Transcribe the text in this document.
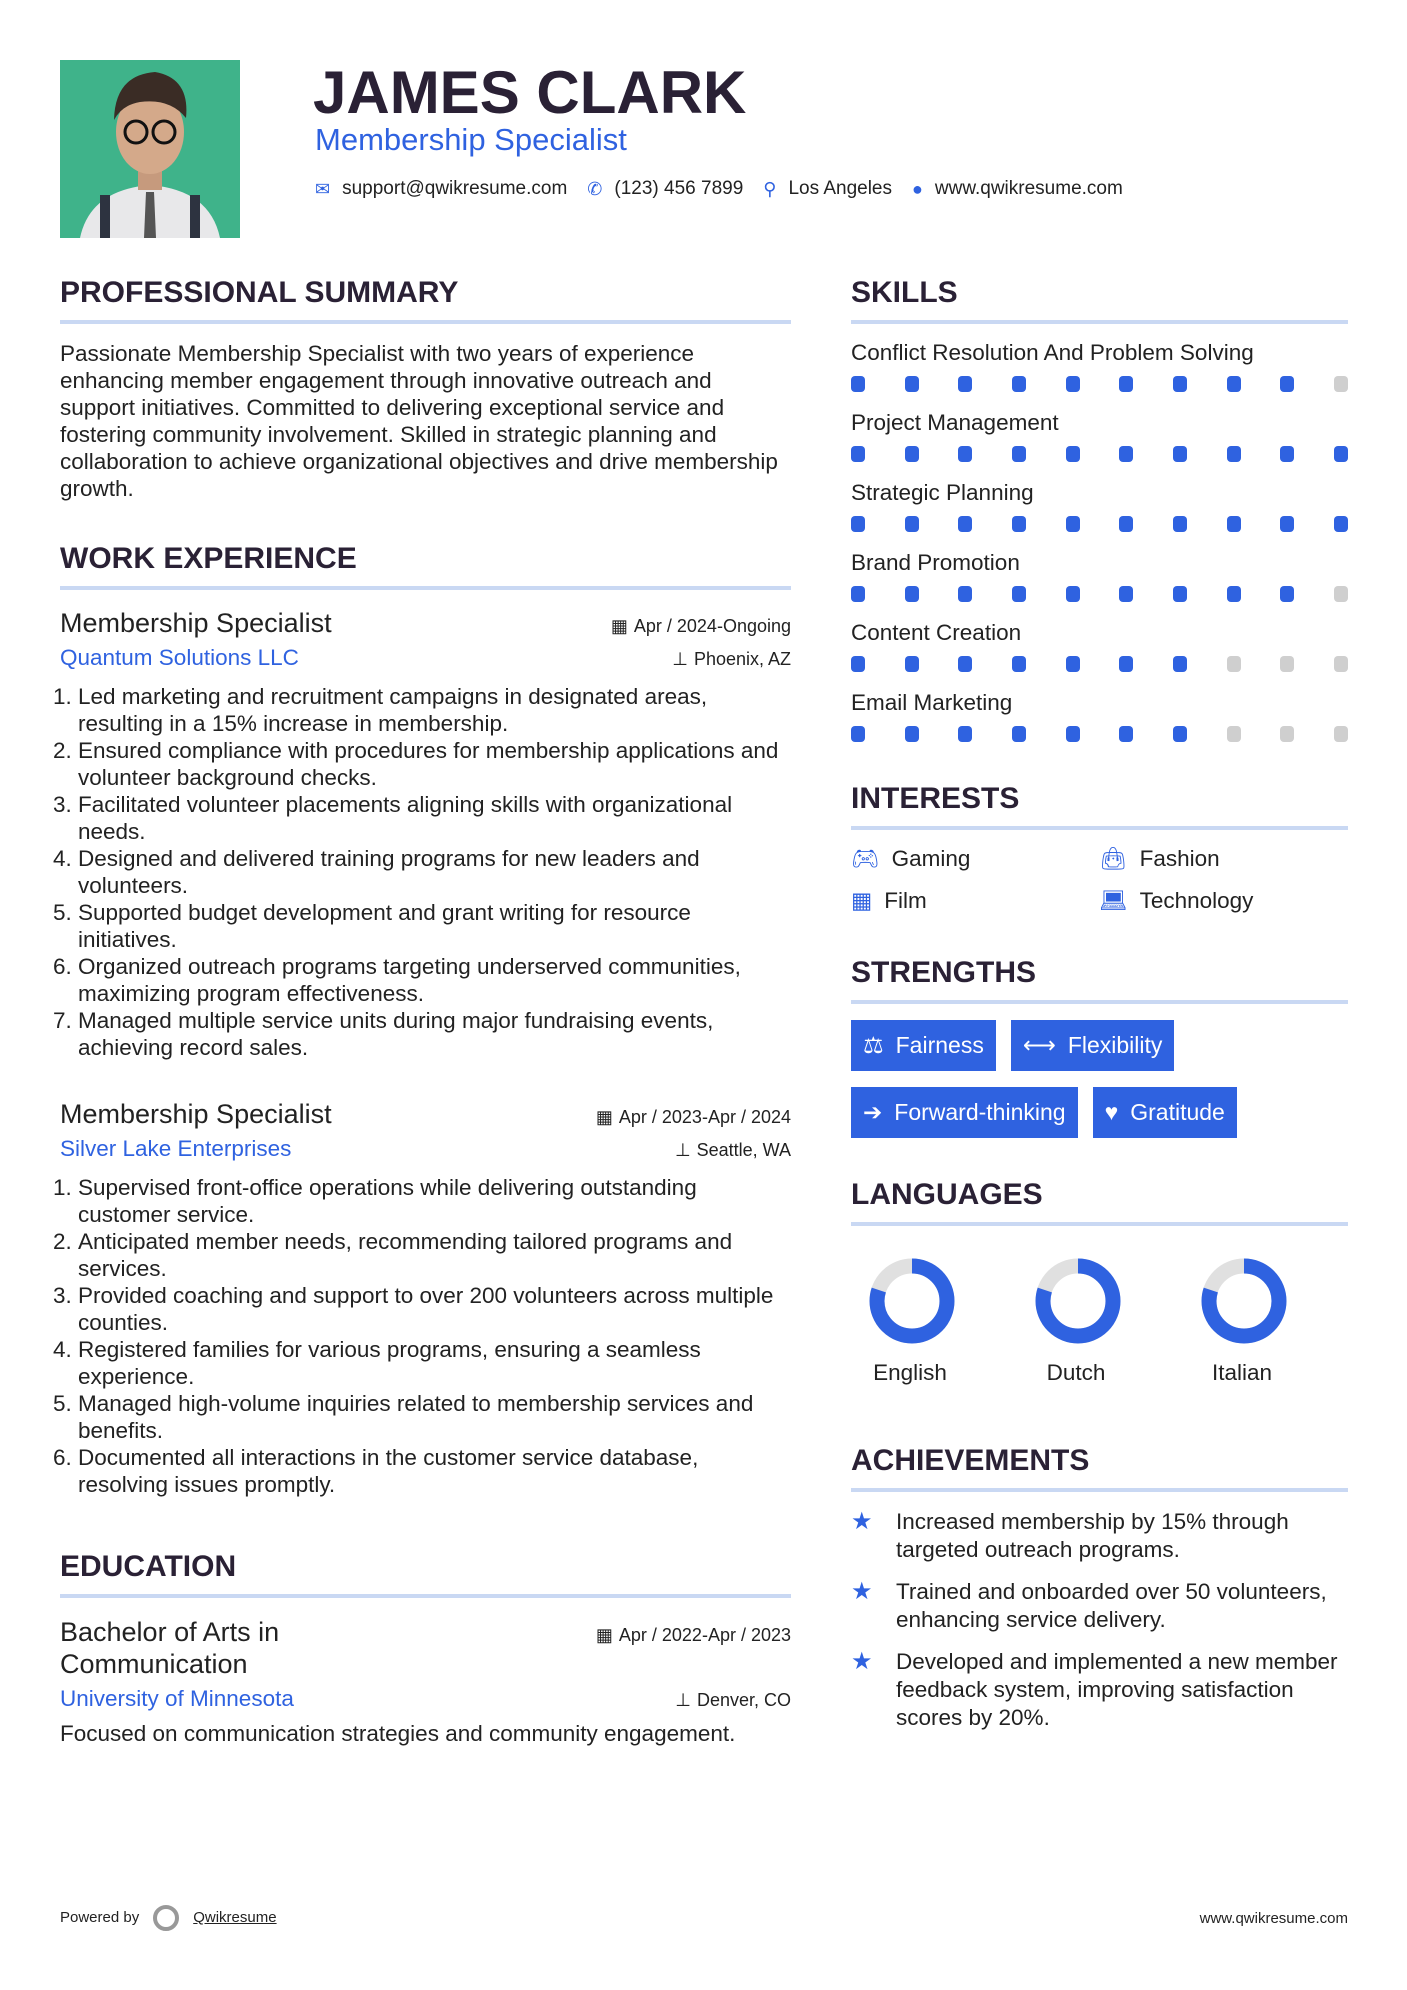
JAMES CLARK
Membership Specialist
✉ support@qwikresume.com ✆ (123) 456 7899 ⚲ Los Angeles ● www.qwikresume.com
PROFESSIONAL SUMMARY

Passionate Membership Specialist with two years of experience enhancing member engagement through innovative outreach and support initiatives. Committed to delivering exceptional service and fostering community involvement. Skilled in strategic planning and collaboration to achieve organizational objectives and drive membership growth.

WORK EXPERIENCE
Membership Specialist	▦ Apr / 2024-Ongoing
Quantum Solutions LLC	⊥ Phoenix, AZ
1. Led marketing and recruitment campaigns in designated areas, resulting in a 15% increase in membership.
2. Ensured compliance with procedures for membership applications and volunteer background checks.
3. Facilitated volunteer placements aligning skills with organizational needs.
4. Designed and delivered training programs for new leaders and volunteers.
5. Supported budget development and grant writing for resource initiatives.
6. Organized outreach programs targeting underserved communities, maximizing program effectiveness.
7. Managed multiple service units during major fundraising events, achieving record sales.
Membership Specialist	▦ Apr / 2023-Apr / 2024
Silver Lake Enterprises	⊥ Seattle, WA
1. Supervised front-office operations while delivering outstanding customer service.
2. Anticipated member needs, recommending tailored programs and services.
3. Provided coaching and support to over 200 volunteers across multiple counties.
4. Registered families for various programs, ensuring a seamless experience.
5. Managed high-volume inquiries related to membership services and benefits.
6. Documented all interactions in the customer service database, resolving issues promptly.
EDUCATION
Bachelor of Arts in Communication
▦ Apr / 2022-Apr / 2023
University of Minnesota	⊥ Denver, CO

Focused on communication strategies and community engagement.

SKILLS
Conflict Resolution And Problem Solving
Project Management
Strategic Planning
Brand Promotion
Content Creation
Email Marketing
INTERESTS
🎮︎ Gaming	👜︎ Fashion
▦ Film	💻︎ Technology
STRENGTHS
⚖ Fairness ⟷ Flexibility
➔ Forward-thinking ♥ Gratitude
LANGUAGES
English	Dutch	Italian
ACHIEVEMENTS
★	Increased membership by 15% through targeted outreach programs.
★	Trained and onboarded over 50 volunteers, enhancing service delivery.
★	Developed and implemented a new member feedback system, improving satisfaction scores by 20%.
Powered by	Qwikresume	www.qwikresume.com
